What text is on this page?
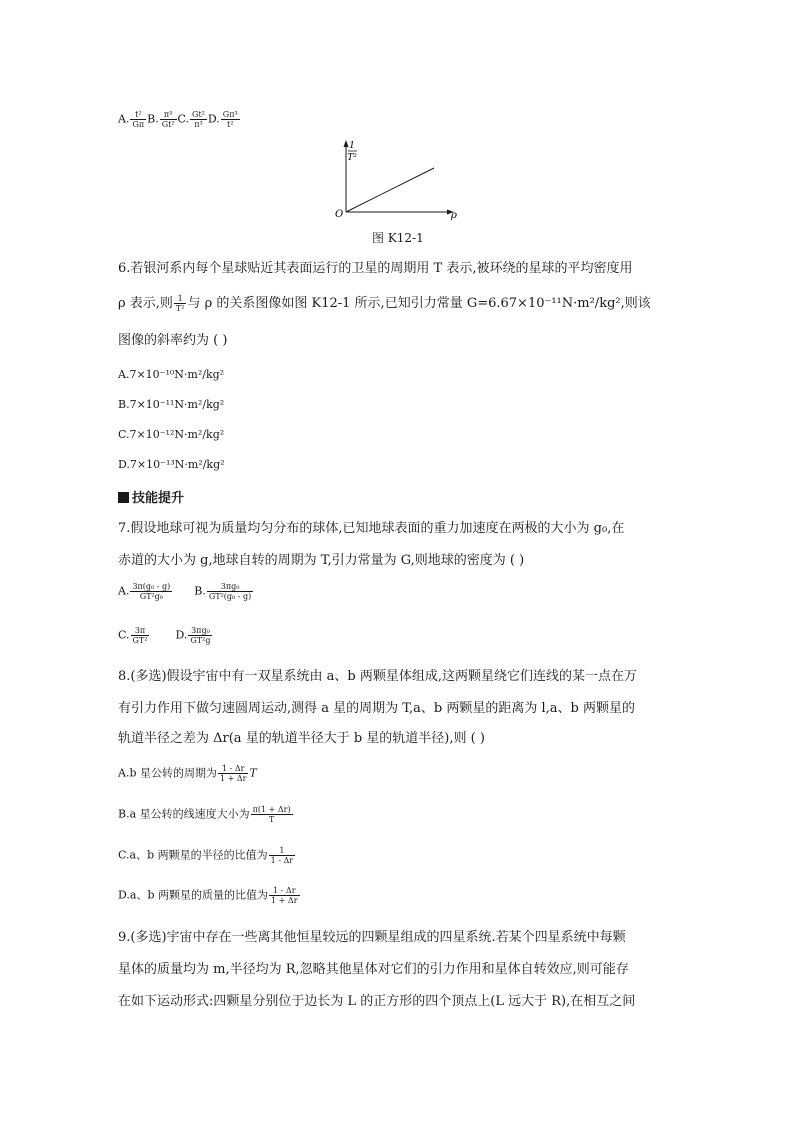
A. $\frac{\text{t²}}{G\pi} B$. $\frac{\text{π³}}{\text{Gt²}} C$. $\frac{\text{Gt²}}{\text{π³}} D$. $\frac{\text{Gπ³}}{\text{t²}}$
1
T²
O	ρ
图 K12-1
6.若银河系内每个星球贴近其表面运行的卫星的周期用 T 表示,被环绕的星球的平均密度用
ρ 表示,则 $\frac{1}{\text{T²}}$ 与 ρ 的关系图像如图 K12-1 所示,已知引力常量 G=6.67×10⁻¹¹N·m²/kg²,则该
图像的斜率约为 ( )
A.7×10⁻¹⁰N·m²/kg²
B.7×10⁻¹¹N·m²/kg²
C.7×10⁻¹²N·m²/kg²
D.7×10⁻¹³N·m²/kg²
技能提升
7.假设地球可视为质量均匀分布的球体,已知地球表面的重力加速度在两极的大小为 g₀,在
赤道的大小为 g,地球自转的周期为 T,引力常量为 G,则地球的密度为 ( )
A. $\frac{\text{3π(g₀ - g)}}{\text{GT²g₀}} B$. $\frac{\text{3πg₀}}{\text{GT²(g₀ - g)}}$
C. $\frac{3\pi}{\text{GT²}} D$. $\frac{\text{3πg₀}}{\text{GT²g}}$
8.(多选)假设宇宙中有一双星系统由 a、b 两颗星体组成,这两颗星绕它们连线的某一点在万
有引力作用下做匀速圆周运动,测得 a 星的周期为 T,a、b 两颗星的距离为 l,a、b 两颗星的
轨道半径之差为 Δr(a 星的轨道半径大于 b 星的轨道半径),则 ( )
A.b 星公转的周期为 $\frac{1 - \Delta r}{1 + \Delta r}$ T
B.a 星公转的线速度大小为 $\frac{\pi(1 + \Delta r)}{T}$
C.a、b 两颗星的半径的比值为 $\frac{1}{1 - \Delta r}$
D.a、b 两颗星的质量的比值为 $\frac{1 - \Delta r}{1 + \Delta r}$
9.(多选)宇宙中存在一些离其他恒星较远的四颗星组成的四星系统.若某个四星系统中每颗
星体的质量均为 m,半径均为 R,忽略其他星体对它们的引力作用和星体自转效应,则可能存
在如下运动形式:四颗星分别位于边长为 L 的正方形的四个顶点上(L 远大于 R),在相互之间
